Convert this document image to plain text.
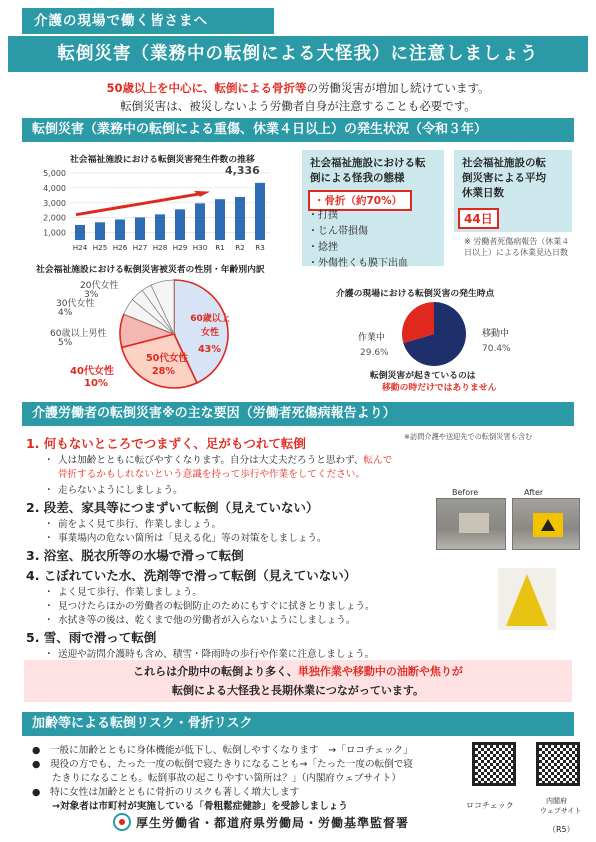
介護の現場で働く皆さまへ
転倒災害（業務中の転倒による大怪我）に注意しましょう
50歳以上を中心に、転倒による骨折等の労働災害が増加し続けています。
転倒災害は、被災しないよう労働者自身が注意することも必要です。
転倒災害（業務中の転倒による重傷、休業４日以上）の発生状況（令和３年）
社会福祉施設における転倒災害発生件数の推移
1,000
2,000
3,000
4,000
5,000
H24 H25 H26 H27 H28 H29 H30 R1 R2 R3
4,336
社会福祉施設における転倒災害被災者の性別・年齢別内訳
20代女性
3%
30代女性
4%
60歳以上男性
5%
40代女性
10%
50代女性
28%
60歳以上女性
43%
社会福祉施設における転倒による怪我の態様
・骨折（約70%）
・打撲
・じん帯損傷
・捻挫
・外傷性くも膜下出血
社会福祉施設の転倒災害による平均休業日数
44日
※ 労働者死傷病報告（休業４日以上）による休業見込日数
介護の現場における転倒災害の発生時点
作業中
29.6%
移動中
70.4%
転倒災害が起きているのは
移動の時だけではありません
介護労働者の転倒災害※の主な要因（労働者死傷病報告より）
※訪問介護や送迎先での転倒災害も含む
1. 何もないところでつまずく、足がもつれて転倒
・ 人は加齢とともに転びやすくなります。自分は大丈夫だろうと思わず、転んで
骨折するかもしれないという意識を持って歩行や作業をしてください。
・ 走らないようにしましょう。
2. 段差、家具等につまずいて転倒（見えていない）
・ 前をよく見て歩行、作業しましょう。
・ 事業場内の危ない箇所は「見える化」等の対策をしましょう。
3. 浴室、脱衣所等の水場で滑って転倒
4. こぼれていた水、洗剤等で滑って転倒（見えていない）
・ よく見て歩行、作業しましょう。
・ 見つけたらほかの労働者の転倒防止のためにもすぐに拭きとりましょう。
・ 水拭き等の後は、乾くまで他の労働者が入らないようにしましょう。
5. 雪、雨で滑って転倒
・ 送迎や訪問介護時も含め、積雪・降雨時の歩行や作業に注意しましょう。
Before	After
これらは介助中の転倒より多く、単独作業や移動中の油断や焦りが
転倒による大怪我と長期休業につながっています。
加齢等による転倒リスク・骨折リスク
●　一般に加齢とともに身体機能が低下し、転倒しやすくなります　→「ロコチェック」
●　現役の方でも、たった一度の転倒で寝たきりになることも→「たった一度の転倒で寝
たきりになることも。転倒事故の起こりやすい箇所は？」（内閣府ウェブサイト）
●　特に女性は加齢とともに骨折のリスクも著しく増大します
→対象者は市町村が実施している「骨粗鬆症健診」を受診しましょう	ロコチェック	内閣府
ウェブサイト
厚生労働省・都道府県労働局・労働基準監督署	（R5）
